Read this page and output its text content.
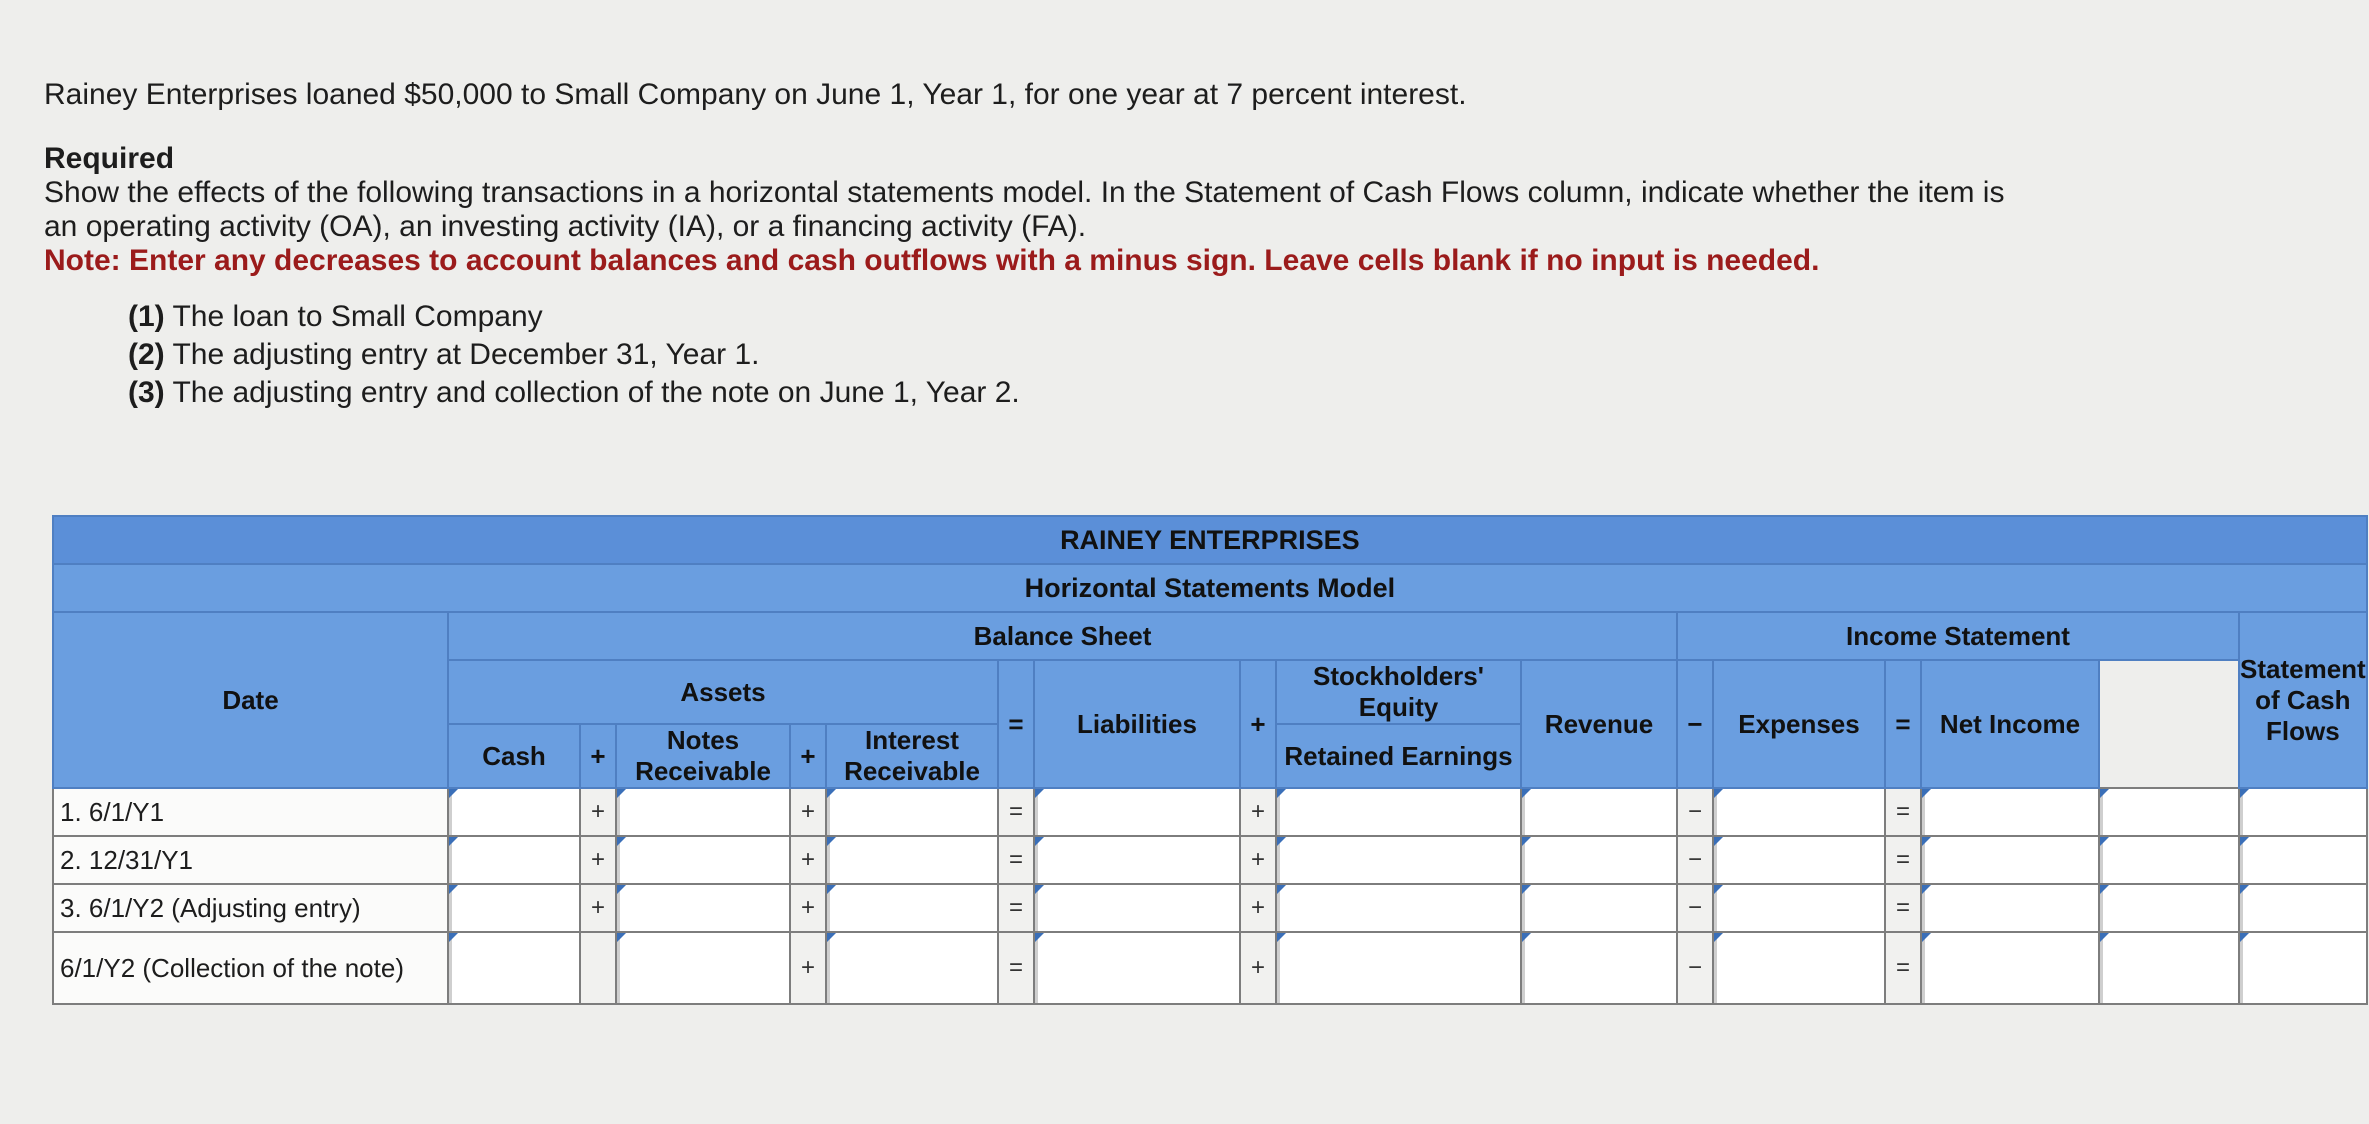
Rainey Enterprises loaned $50,000 to Small Company on June 1, Year 1, for one year at 7 percent interest.

Required

Show the effects of the following transactions in a horizontal statements model. In the Statement of Cash Flows column, indicate whether the item is an operating activity (OA), an investing activity (IA), or a financing activity (FA).

Note: Enter any decreases to account balances and cash outflows with a minus sign. Leave cells blank if no input is needed.

(1) The loan to Small Company
(2) The adjusting entry at December 31, Year 1.
(3) The adjusting entry and collection of the note on June 1, Year 2.
RAINEY ENTERPRISES																
Horizontal Statements Model																
Date	Balance Sheet										Income Statement					Statement of Cash Flows
	Assets					=	Liabilities	+	Stockholders' Equity	Revenue	−	Expenses	=	Net Income		
	Cash	+	Notes Receivable	+	Interest Receivable				Retained Earnings							
1. 6/1/Y1		+		+		=		+			−		=	

2. 12/31/Y1		+		+		=		+			−		=	

3. 6/1/Y2 (Adjusting entry)		+		+		=		+			−		=	

6/1/Y2 (Collection of the note)				+		=		+			−		=	
